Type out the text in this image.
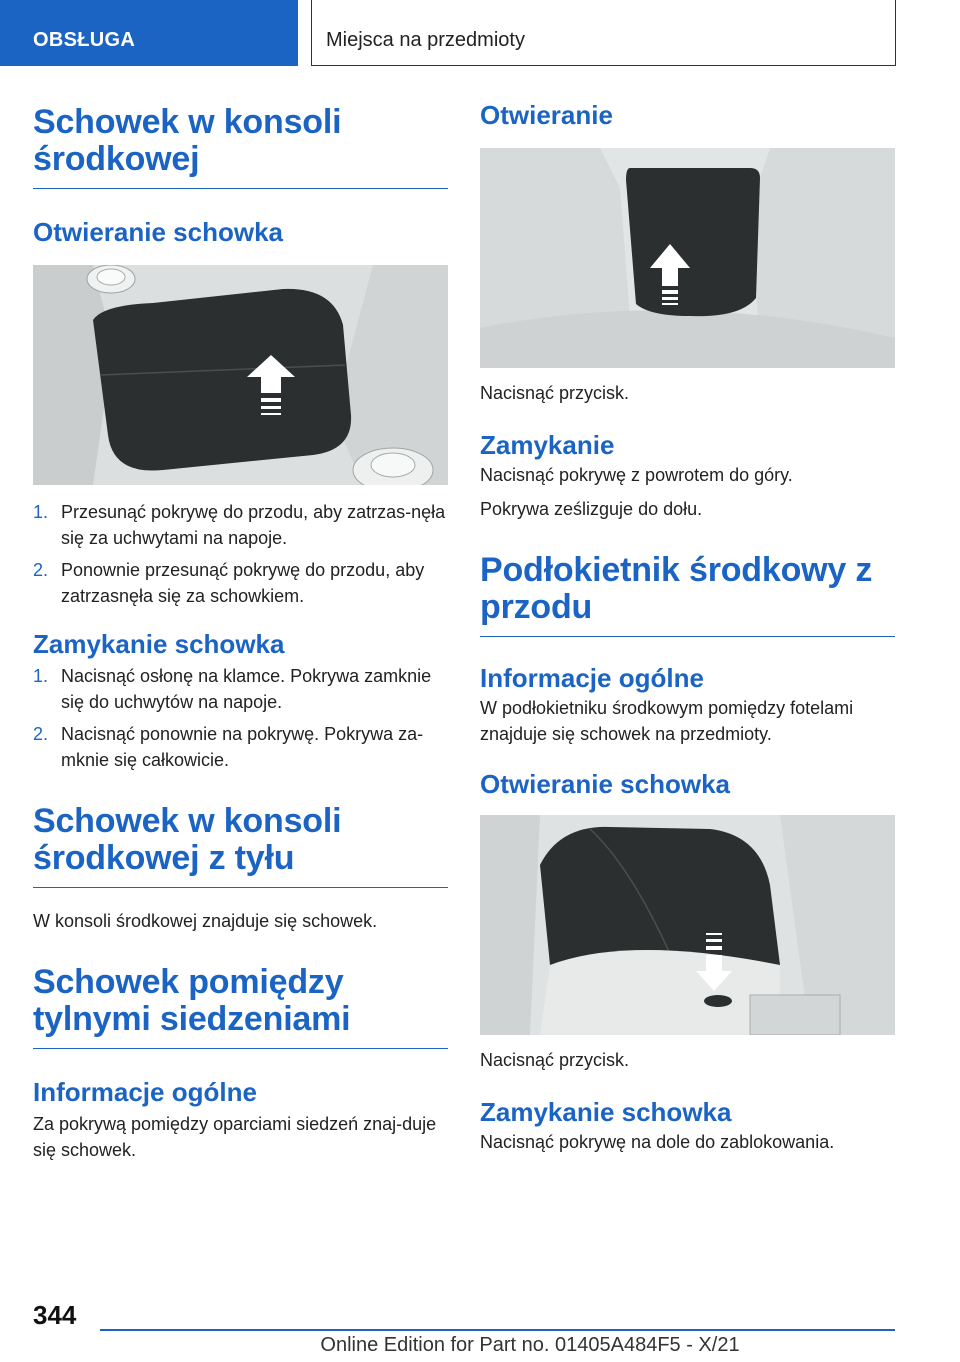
OBSŁUGA	Miejsca na przedmioty
Schowek w konsoli środkowej
Otwieranie schowka
1. Przesunąć pokrywę do przodu, aby zatrzas‐nęła się za uchwytami na napoje.
2. Ponownie przesunąć pokrywę do przodu, aby zatrzasnęła się za schowkiem.
Zamykanie schowka
1. Nacisnąć osłonę na klamce. Pokrywa zamknie się do uchwytów na napoje.
2. Nacisnąć ponownie na pokrywę. Pokrywa za‐mknie się całkowicie.
Schowek w konsoli środkowej z tyłu

W konsoli środkowej znajduje się schowek.

Schowek pomiędzy tylnymi siedzeniami
Informacje ogólne

Za pokrywą pomiędzy oparciami siedzeń znaj‐duje się schowek.

Otwieranie

Nacisnąć przycisk.

Zamykanie

Nacisnąć pokrywę z powrotem do góry.

Pokrywa ześlizguje do dołu.

Podłokietnik środkowy z przodu
Informacje ogólne

W podłokietniku środkowym pomiędzy fotelami znajduje się schowek na przedmioty.

Otwieranie schowka

Nacisnąć przycisk.

Zamykanie schowka

Nacisnąć pokrywę na dole do zablokowania.

344
Online Edition for Part no. 01405A484F5 - X/21
